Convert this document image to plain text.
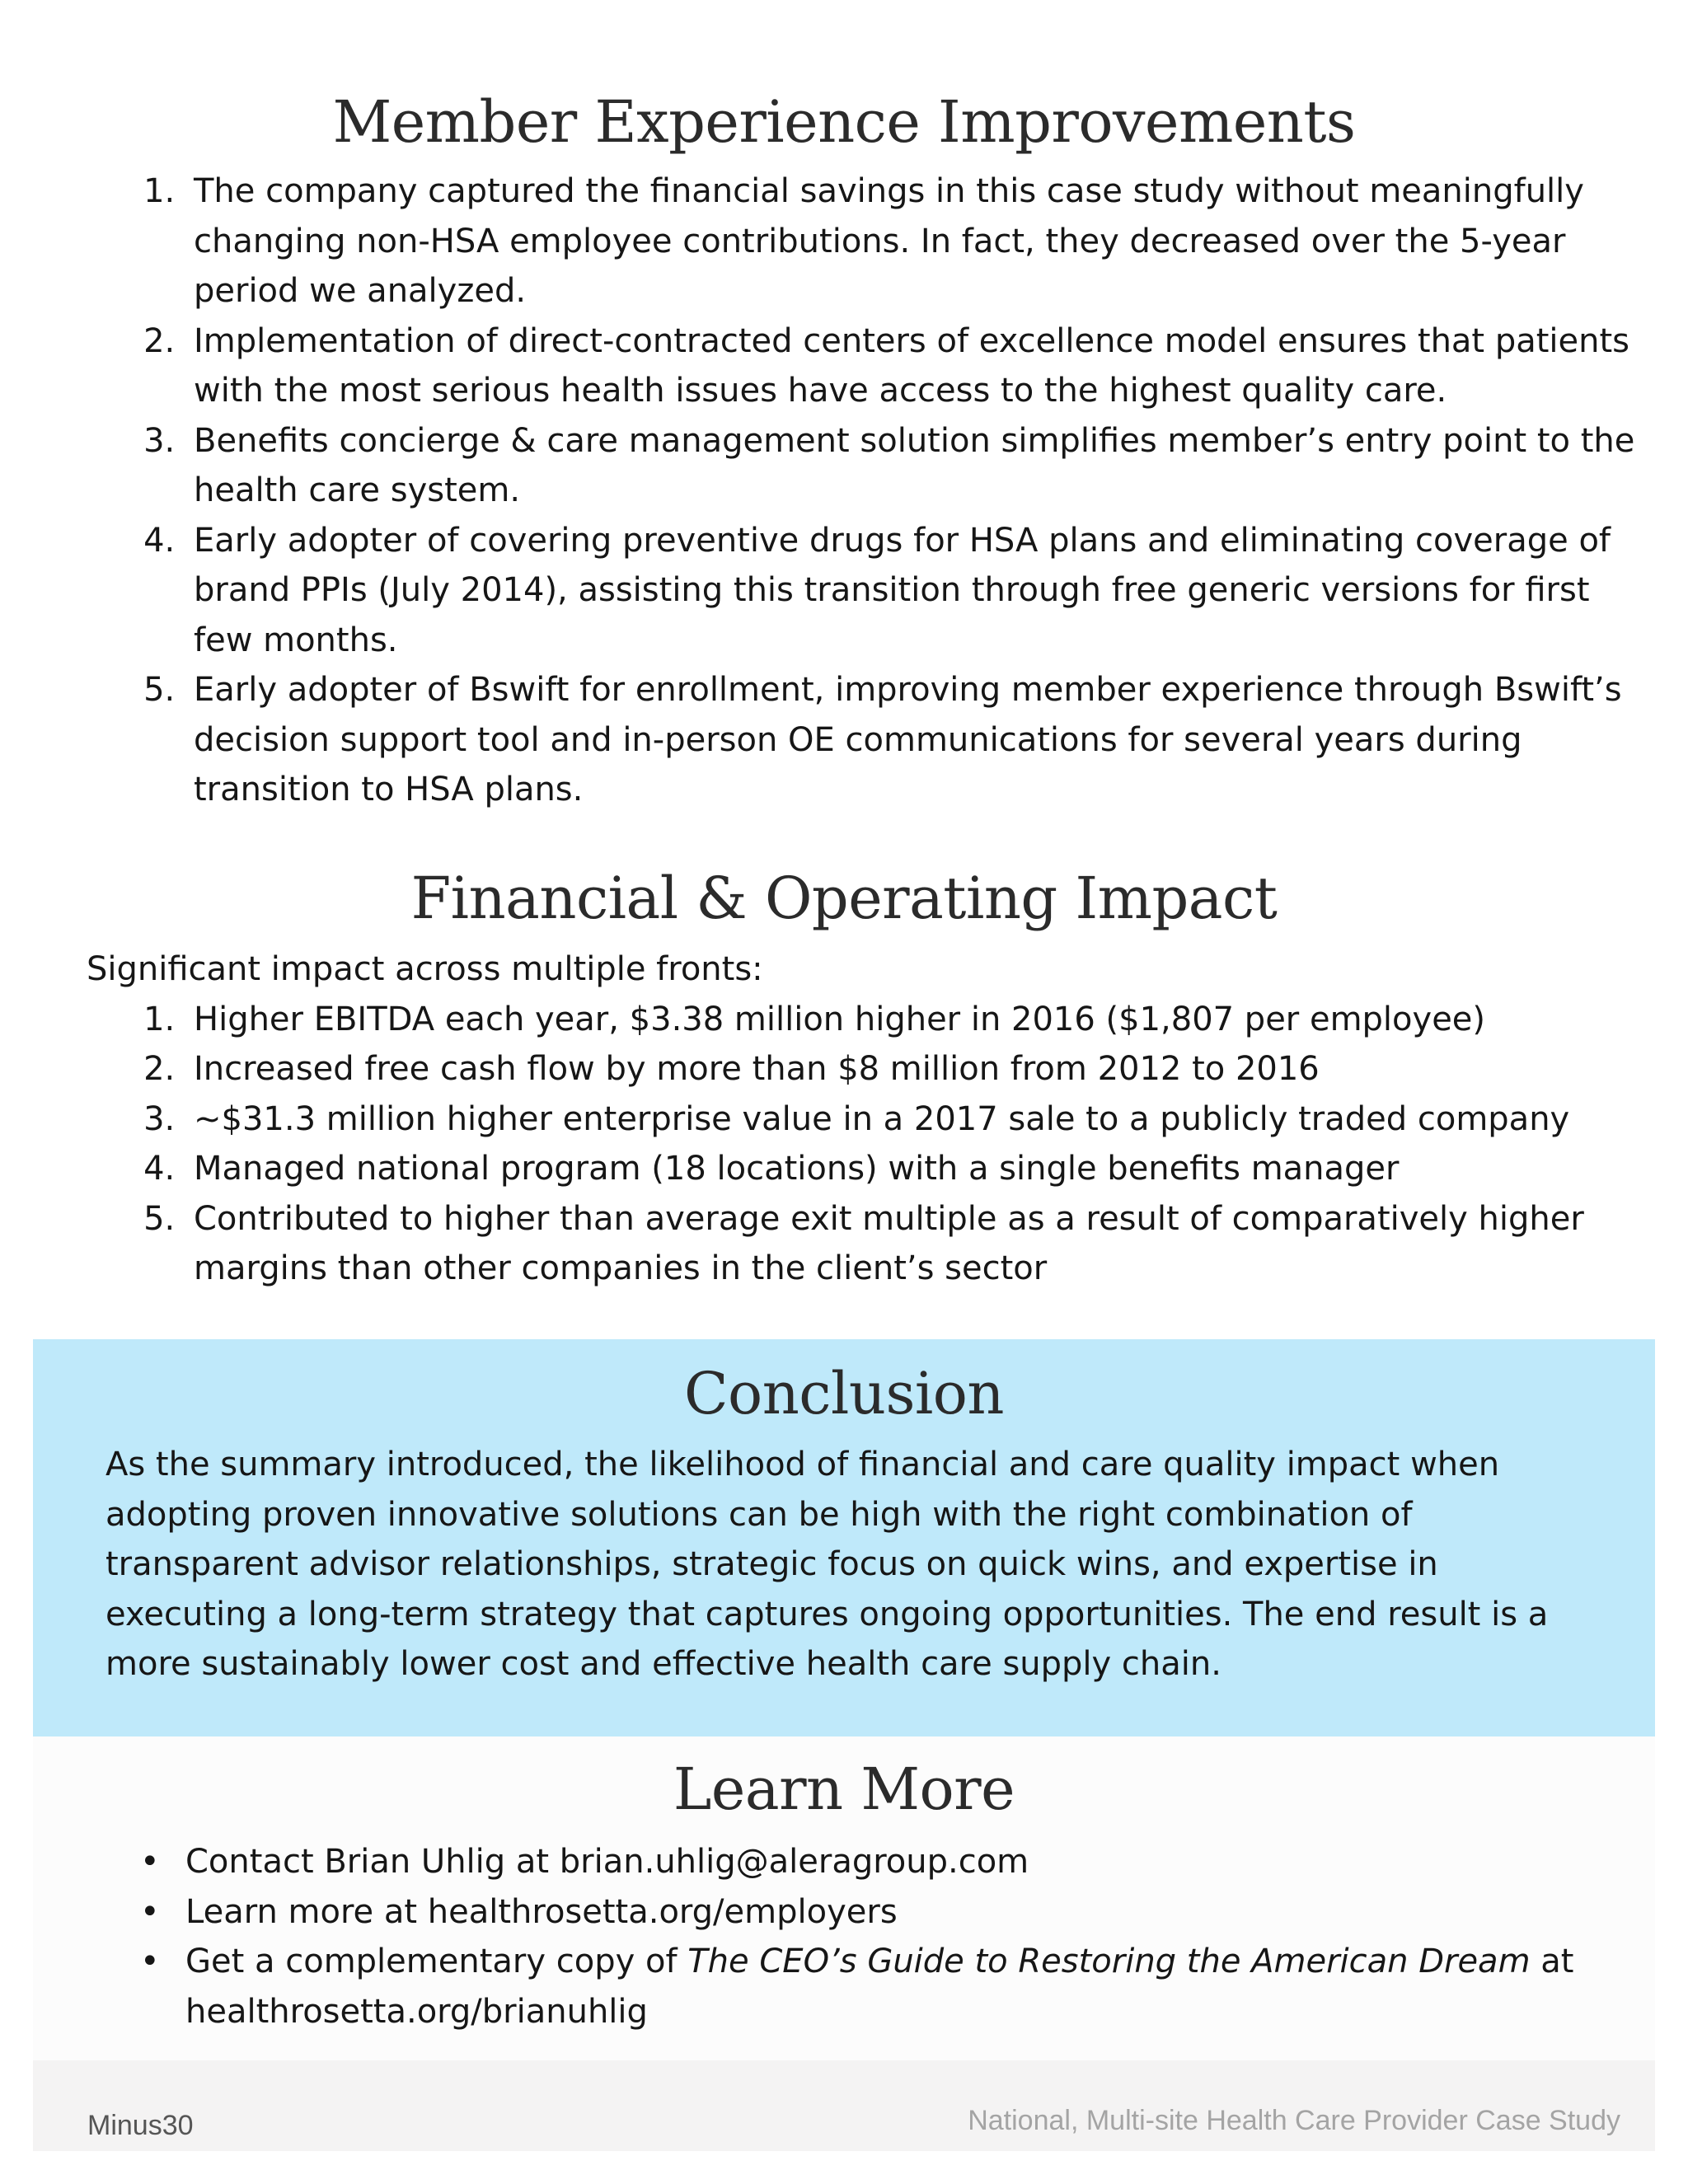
Member Experience Improvements
1. The company captured the financial savings in this case study without meaningfully changing non-HSA employee contributions. In fact, they decreased over the 5-year period we analyzed.
2. Implementation of direct-contracted centers of excellence model ensures that patients with the most serious health issues have access to the highest quality care.
3. Benefits concierge & care management solution simplifies member’s entry point to the health care system.
4. Early adopter of covering preventive drugs for HSA plans and eliminating coverage of brand PPIs (July 2014), assisting this transition through free generic versions for first few months.
5. Early adopter of Bswift for enrollment, improving member experience through Bswift’s decision support tool and in-person OE communications for several years during transition to HSA plans.
Financial & Operating Impact
Significant impact across multiple fronts:
1. Higher EBITDA each year, $3.38 million higher in 2016 ($1,807 per employee)
2. Increased free cash flow by more than $8 million from 2012 to 2016
3. ~$31.3 million higher enterprise value in a 2017 sale to a publicly traded company
4. Managed national program (18 locations) with a single benefits manager
5. Contributed to higher than average exit multiple as a result of comparatively higher margins than other companies in the client’s sector
Conclusion

As the summary introduced, the likelihood of financial and care quality impact when adopting proven innovative solutions can be high with the right combination of transparent advisor relationships, strategic focus on quick wins, and expertise in executing a long-term strategy that captures ongoing opportunities. The end result is a more sustainably lower cost and effective health care supply chain.

Learn More
• Contact Brian Uhlig at brian.uhlig@aleragroup.com
• Learn more at healthrosetta.org/employers
• Get a complementary copy of The CEO’s Guide to Restoring the American Dream at healthrosetta.org/brianuhlig
Minus30	National, Multi-site Health Care Provider Case Study
